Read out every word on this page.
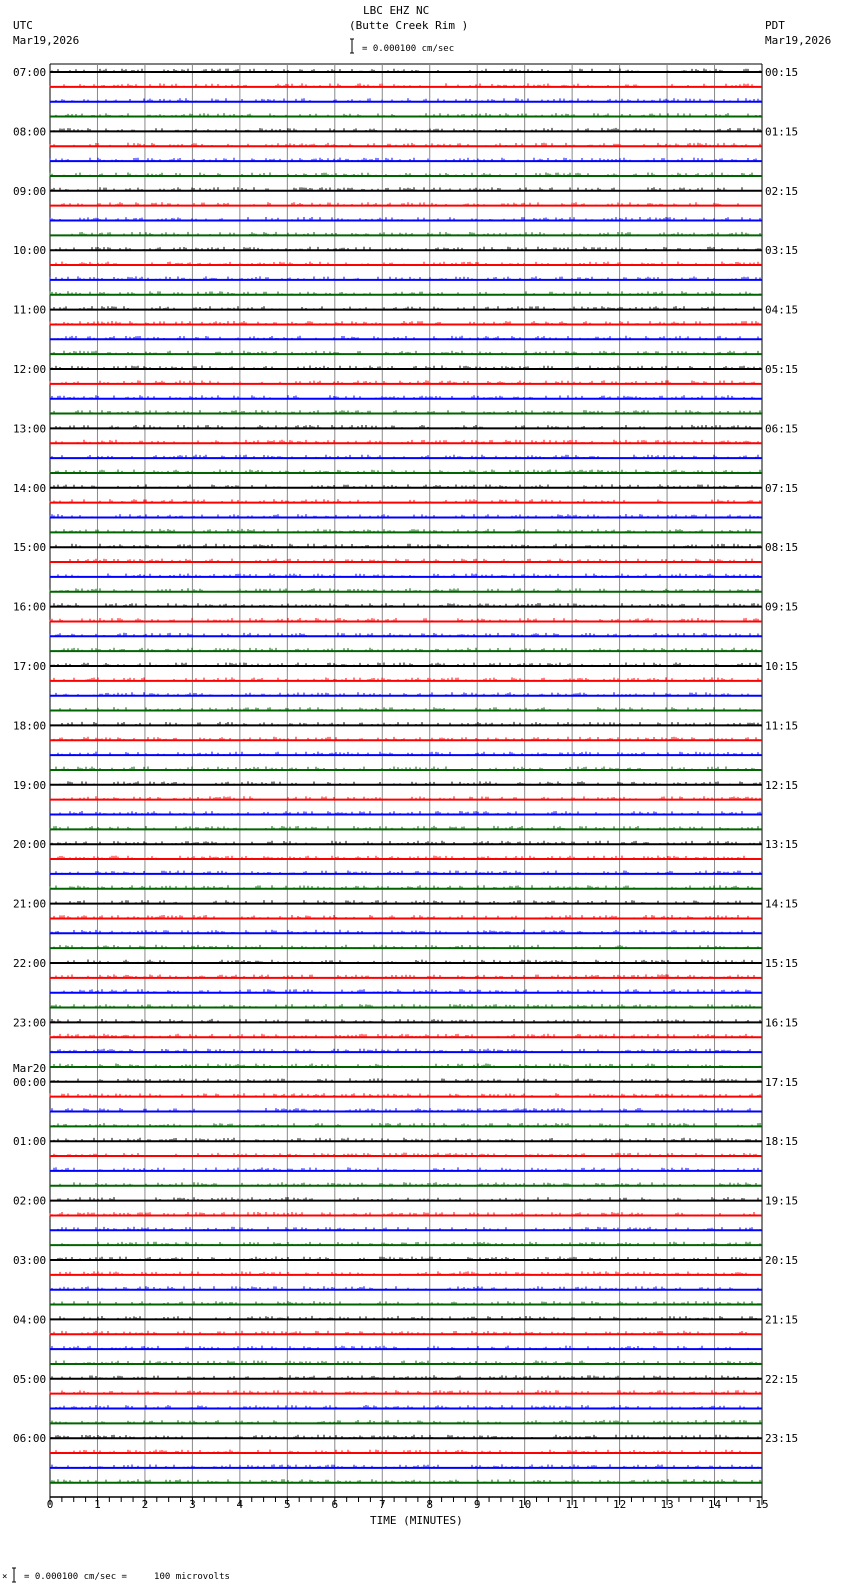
LBC EHZ NC
(Butte Creek Rim )
UTC
Mar19,2026
PDT
Mar19,2026
= 0.000100 cm/sec
07:00
08:00
09:00
10:00
11:00
12:00
13:00
14:00
15:00
16:00
17:00
18:00
19:00
20:00
21:00
22:00
23:00
00:00
Mar20
01:00
02:00
03:00
04:00
05:00
06:00
00:15
01:15
02:15
03:15
04:15
05:15
06:15
07:15
08:15
09:15
10:15
11:15
12:15
13:15
14:15
15:15
16:15
17:15
18:15
19:15
20:15
21:15
22:15
23:15
0	1	2	3	4	5	6	7	8	9	10	11	12	13	14	15
TIME (MINUTES)
× = 0.000100 cm/sec =     100 microvolts
